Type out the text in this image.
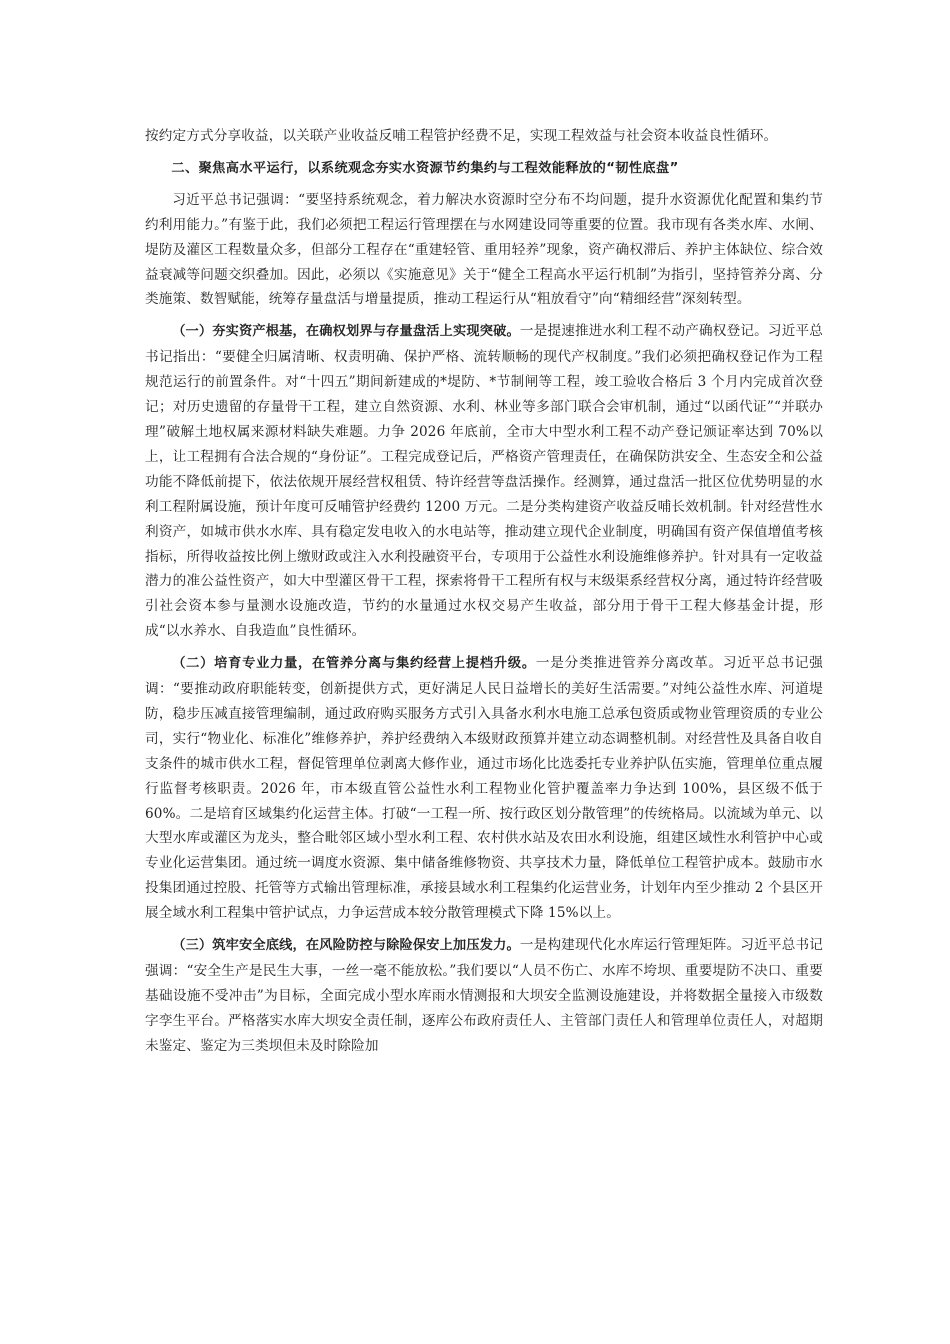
按约定方式分享收益，以关联产业收益反哺工程管护经费不足，实现工程效益与社会资本收益良性循环。

二、聚焦高水平运行，以系统观念夯实水资源节约集约与工程效能释放的“韧性底盘”

习近平总书记强调：“要坚持系统观念，着力解决水资源时空分布不均问题，提升水资源优化配置和集约节约利用能力。”有鉴于此，我们必须把工程运行管理摆在与水网建设同等重要的位置。我市现有各类水库、水闸、堤防及灌区工程数量众多，但部分工程存在“重建轻管、重用轻养”现象，资产确权滞后、养护主体缺位、综合效益衰减等问题交织叠加。因此，必须以《实施意见》关于“健全工程高水平运行机制”为指引，坚持管养分离、分类施策、数智赋能，统筹存量盘活与增量提质，推动工程运行从“粗放看守”向“精细经营”深刻转型。

（一）夯实资产根基，在确权划界与存量盘活上实现突破。一是提速推进水利工程不动产确权登记。习近平总书记指出：“要健全归属清晰、权责明确、保护严格、流转顺畅的现代产权制度。”我们必须把确权登记作为工程规范运行的前置条件。对“十四五”期间新建成的*堤防、*节制闸等工程，竣工验收合格后 3 个月内完成首次登记；对历史遗留的存量骨干工程，建立自然资源、水利、林业等多部门联合会审机制，通过“以函代证”“并联办理”破解土地权属来源材料缺失难题。力争 2026 年底前，全市大中型水利工程不动产登记颁证率达到 70%以上，让工程拥有合法合规的“身份证”。工程完成登记后，严格资产管理责任，在确保防洪安全、生态安全和公益功能不降低前提下，依法依规开展经营权租赁、特许经营等盘活操作。经测算，通过盘活一批区位优势明显的水利工程附属设施，预计年度可反哺管护经费约 1200 万元。二是分类构建资产收益反哺长效机制。针对经营性水利资产，如城市供水水库、具有稳定发电收入的水电站等，推动建立现代企业制度，明确国有资产保值增值考核指标，所得收益按比例上缴财政或注入水利投融资平台，专项用于公益性水利设施维修养护。针对具有一定收益潜力的准公益性资产，如大中型灌区骨干工程，探索将骨干工程所有权与末级渠系经营权分离，通过特许经营吸引社会资本参与量测水设施改造，节约的水量通过水权交易产生收益，部分用于骨干工程大修基金计提，形成“以水养水、自我造血”良性循环。

（二）培育专业力量，在管养分离与集约经营上提档升级。一是分类推进管养分离改革。习近平总书记强调：“要推动政府职能转变，创新提供方式，更好满足人民日益增长的美好生活需要。”对纯公益性水库、河道堤防，稳步压减直接管理编制，通过政府购买服务方式引入具备水利水电施工总承包资质或物业管理资质的专业公司，实行“物业化、标准化”维修养护，养护经费纳入本级财政预算并建立动态调整机制。对经营性及具备自收自支条件的城市供水工程，督促管理单位剥离大修作业，通过市场化比选委托专业养护队伍实施，管理单位重点履行监督考核职责。2026 年，市本级直管公益性水利工程物业化管护覆盖率力争达到 100%，县区级不低于 60%。二是培育区域集约化运营主体。打破“一工程一所、按行政区划分散管理”的传统格局。以流域为单元、以大型水库或灌区为龙头，整合毗邻区域小型水利工程、农村供水站及农田水利设施，组建区域性水利管护中心或专业化运营集团。通过统一调度水资源、集中储备维修物资、共享技术力量，降低单位工程管护成本。鼓励市水投集团通过控股、托管等方式输出管理标准，承接县域水利工程集约化运营业务，计划年内至少推动 2 个县区开展全域水利工程集中管护试点，力争运营成本较分散管理模式下降 15%以上。

（三）筑牢安全底线，在风险防控与除险保安上加压发力。一是构建现代化水库运行管理矩阵。习近平总书记强调：“安全生产是民生大事，一丝一毫不能放松。”我们要以“人员不伤亡、水库不垮坝、重要堤防不决口、重要基础设施不受冲击”为目标，全面完成小型水库雨水情测报和大坝安全监测设施建设，并将数据全量接入市级数字孪生平台。严格落实水库大坝安全责任制，逐库公布政府责任人、主管部门责任人和管理单位责任人，对超期未鉴定、鉴定为三类坝但未及时除险加
